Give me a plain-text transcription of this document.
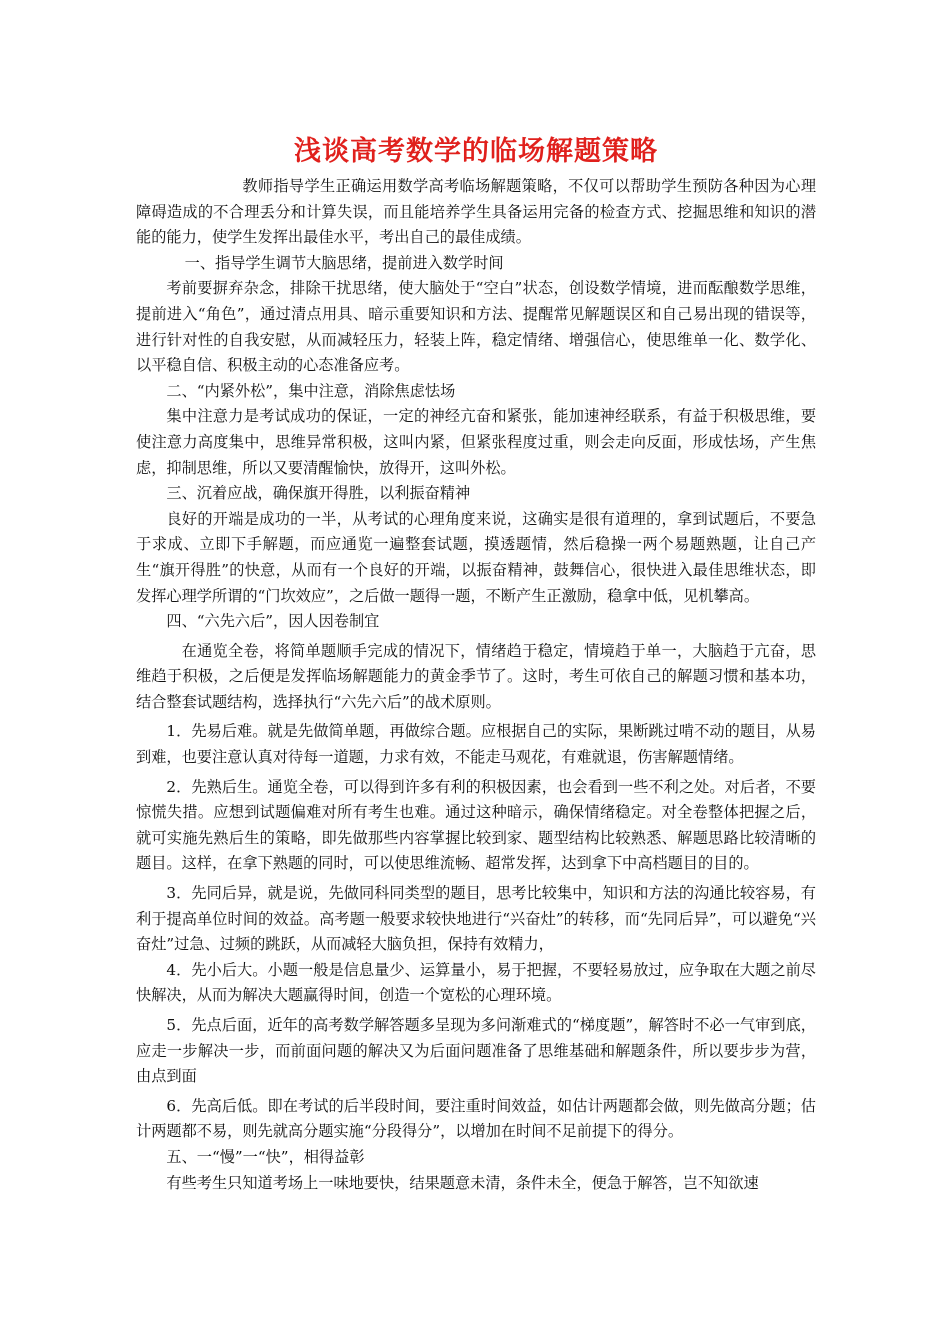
浅谈高考数学的临场解题策略

教师指导学生正确运用数学高考临场解题策略，不仅可以帮助学生预防各种因为心理障碍造成的不合理丢分和计算失误，而且能培养学生具备运用完备的检查方式、挖掘思维和知识的潜能的能力，使学生发挥出最佳水平，考出自己的最佳成绩。

一、指导学生调节大脑思绪，提前进入数学时间

考前要摒弃杂念，排除干扰思绪，使大脑处于“空白”状态，创设数学情境，进而酝酿数学思维，提前进入“角色”，通过清点用具、暗示重要知识和方法、提醒常见解题误区和自己易出现的错误等，进行针对性的自我安慰，从而减轻压力，轻装上阵，稳定情绪、增强信心，使思维单一化、数学化、以平稳自信、积极主动的心态准备应考。

二、“内紧外松”，集中注意，消除焦虑怯场

集中注意力是考试成功的保证，一定的神经亢奋和紧张，能加速神经联系，有益于积极思维，要使注意力高度集中，思维异常积极，这叫内紧，但紧张程度过重，则会走向反面，形成怯场，产生焦虑，抑制思维，所以又要清醒愉快，放得开，这叫外松。

三、沉着应战，确保旗开得胜，以利振奋精神

良好的开端是成功的一半，从考试的心理角度来说，这确实是很有道理的，拿到试题后，不要急于求成、立即下手解题，而应通览一遍整套试题，摸透题情，然后稳操一两个易题熟题，让自己产生“旗开得胜”的快意，从而有一个良好的开端，以振奋精神，鼓舞信心，很快进入最佳思维状态，即发挥心理学所谓的“门坎效应”，之后做一题得一题，不断产生正激励，稳拿中低，见机攀高。

四、“六先六后”，因人因卷制宜

在通览全卷，将简单题顺手完成的情况下，情绪趋于稳定，情境趋于单一，大脑趋于亢奋，思维趋于积极，之后便是发挥临场解题能力的黄金季节了。这时，考生可依自己的解题习惯和基本功，结合整套试题结构，选择执行“六先六后”的战术原则。

1．先易后难。就是先做简单题，再做综合题。应根据自己的实际，果断跳过啃不动的题目，从易到难，也要注意认真对待每一道题，力求有效，不能走马观花，有难就退，伤害解题情绪。

2．先熟后生。通览全卷，可以得到许多有利的积极因素，也会看到一些不利之处。对后者，不要惊慌失措。应想到试题偏难对所有考生也难。通过这种暗示，确保情绪稳定。对全卷整体把握之后，就可实施先熟后生的策略，即先做那些内容掌握比较到家、题型结构比较熟悉、解题思路比较清晰的题目。这样，在拿下熟题的同时，可以使思维流畅、超常发挥，达到拿下中高档题目的目的。

3．先同后异，就是说，先做同科同类型的题目，思考比较集中，知识和方法的沟通比较容易，有利于提高单位时间的效益。高考题一般要求较快地进行“兴奋灶”的转移，而“先同后异”，可以避免“兴奋灶”过急、过频的跳跃，从而减轻大脑负担，保持有效精力，

4．先小后大。小题一般是信息量少、运算量小，易于把握，不要轻易放过，应争取在大题之前尽快解决，从而为解决大题赢得时间，创造一个宽松的心理环境。

5．先点后面，近年的高考数学解答题多呈现为多问渐难式的“梯度题”，解答时不必一气审到底，应走一步解决一步，而前面问题的解决又为后面问题准备了思维基础和解题条件，所以要步步为营，由点到面

6．先高后低。即在考试的后半段时间，要注重时间效益，如估计两题都会做，则先做高分题；估计两题都不易，则先就高分题实施“分段得分”，以增加在时间不足前提下的得分。

五、一“慢”一“快”，相得益彰

有些考生只知道考场上一味地要快，结果题意未清，条件未全，便急于解答，岂不知欲速
